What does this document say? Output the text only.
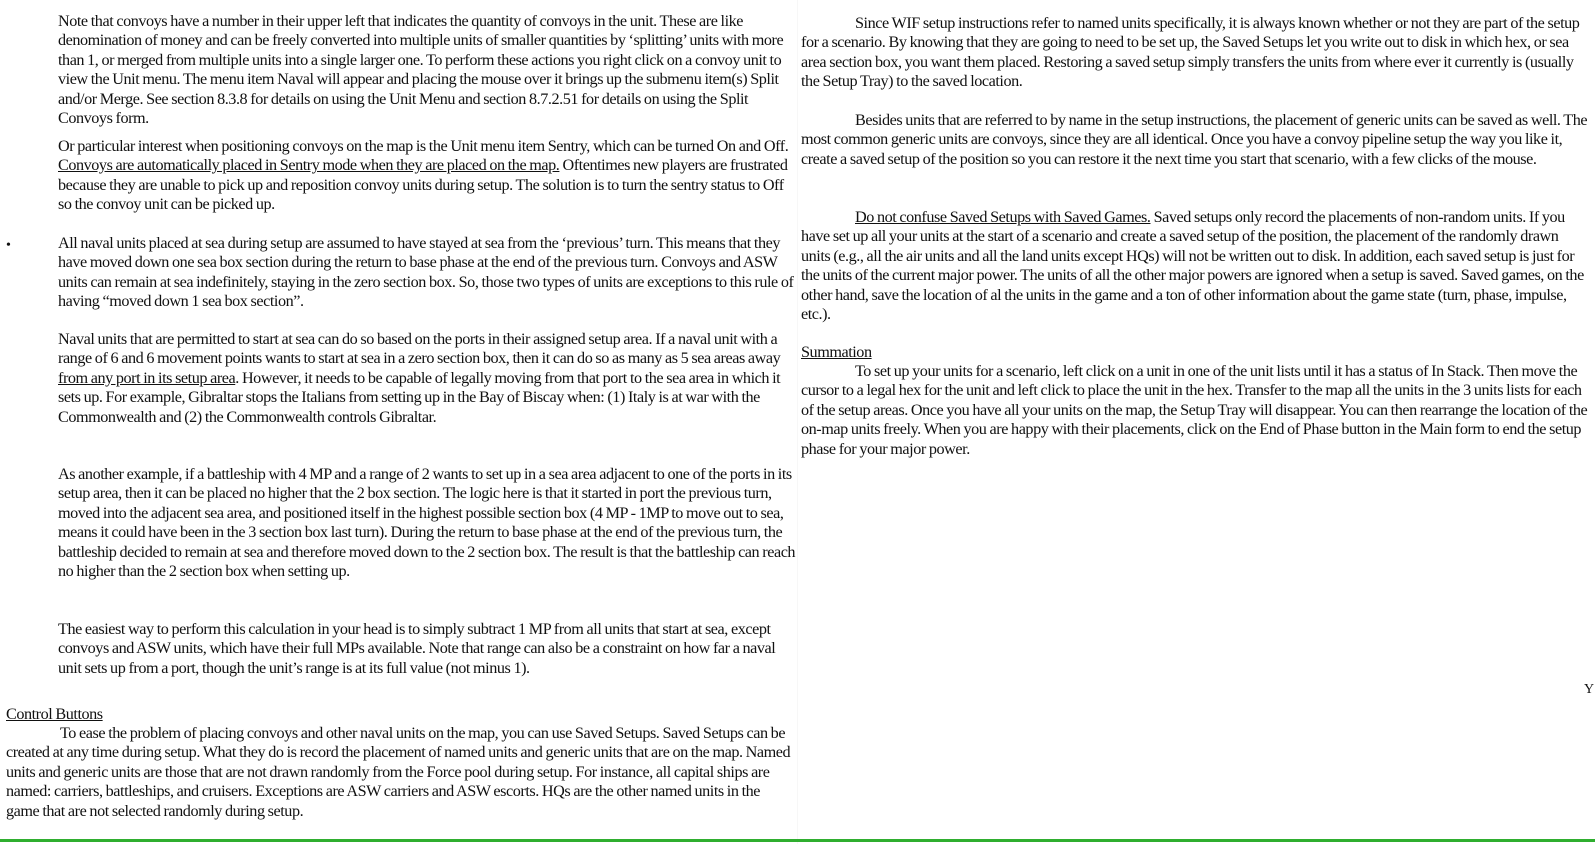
Note that convoys have a number in their upper left that indicates the quantity of convoys in the unit. These are like denomination of money and can be freely converted into multiple units of smaller quantities by ‘splitting’ units with more than 1, or merged from multiple units into a single larger one. To perform these actions you right click on a convoy unit to view the Unit menu. The menu item Naval will appear and placing the mouse over it brings up the submenu item(s) Split and/or Merge. See section 8.3.8 for details on using the Unit Menu and section 8.7.2.51 for details on using the Split Convoys form.

Or particular interest when positioning convoys on the map is the Unit menu item Sentry, which can be turned On and Off. Convoys are automatically placed in Sentry mode when they are placed on the map. Oftentimes new players are frustrated because they are unable to pick up and reposition convoy units during setup. The solution is to turn the sentry status to Off so the convoy unit can be picked up.

•	All naval units placed at sea during setup are assumed to have stayed at sea from the ‘previous’ turn. This means that they have moved down one sea box section during the return to base phase at the end of the previous turn. Convoys and ASW units can remain at sea indefinitely, staying in the zero section box. So, those two types of units are exceptions to this rule of having “moved down 1 sea box section”.

Naval units that are permitted to start at sea can do so based on the ports in their assigned setup area. If a naval unit with a range of 6 and 6 movement points wants to start at sea in a zero section box, then it can do so as many as 5 sea areas away from any port in its setup area. However, it needs to be capable of legally moving from that port to the sea area in which it sets up. For example, Gibraltar stops the Italians from setting up in the Bay of Biscay when: (1) Italy is at war with the Commonwealth and (2) the Commonwealth controls Gibraltar.

As another example, if a battleship with 4 MP and a range of 2 wants to set up in a sea area adjacent to one of the ports in its setup area, then it can be placed no higher that the 2 box section. The logic here is that it started in port the previous turn, moved into the adjacent sea area, and positioned itself in the highest possible section box (4 MP - 1MP to move out to sea, means it could have been in the 3 section box last turn). During the return to base phase at the end of the previous turn, the battleship decided to remain at sea and therefore moved down to the 2 section box. The result is that the battleship can reach no higher than the 2 section box when setting up.

The easiest way to perform this calculation in your head is to simply subtract 1 MP from all units that start at sea, except convoys and ASW units, which have their full MPs available. Note that range can also be a constraint on how far a naval unit sets up from a port, though the unit’s range is at its full value (not minus 1).

Control Buttons

To ease the problem of placing convoys and other naval units on the map, you can use Saved Setups. Saved Setups can be created at any time during setup. What they do is record the placement of named units and generic units that are on the map. Named units and generic units are those that are not drawn randomly from the Force pool during setup. For instance, all capital ships are named: carriers, battleships, and cruisers. Exceptions are ASW carriers and ASW escorts. HQs are the other named units in the game that are not selected randomly during setup.

Since WIF setup instructions refer to named units specifically, it is always known whether or not they are part of the setup for a scenario. By knowing that they are going to need to be set up, the Saved Setups let you write out to disk in which hex, or sea area section box, you want them placed. Restoring a saved setup simply transfers the units from where ever it currently is (usually the Setup Tray) to the saved location.

Besides units that are referred to by name in the setup instructions, the placement of generic units can be saved as well. The most common generic units are convoys, since they are all identical. Once you have a convoy pipeline setup the way you like it, create a saved setup of the position so you can restore it the next time you start that scenario, with a few clicks of the mouse.

Do not confuse Saved Setups with Saved Games. Saved setups only record the placements of non-random units. If you have set up all your units at the start of a scenario and create a saved setup of the position, the placement of the randomly drawn units (e.g., all the air units and all the land units except HQs) will not be written out to disk. In addition, each saved setup is just for the units of the current major power. The units of all the other major powers are ignored when a setup is saved. Saved games, on the other hand, save the location of al the units in the game and a ton of other information about the game state (turn, phase, impulse, etc.).

Summation

To set up your units for a scenario, left click on a unit in one of the unit lists until it has a status of In Stack. Then move the cursor to a legal hex for the unit and left click to place the unit in the hex. Transfer to the map all the units in the 3 units lists for each of the setup areas. Once you have all your units on the map, the Setup Tray will disappear. You can then rearrange the location of the on-map units freely. When you are happy with their placements, click on the End of Phase button in the Main form to end the setup phase for your major power.

Y
